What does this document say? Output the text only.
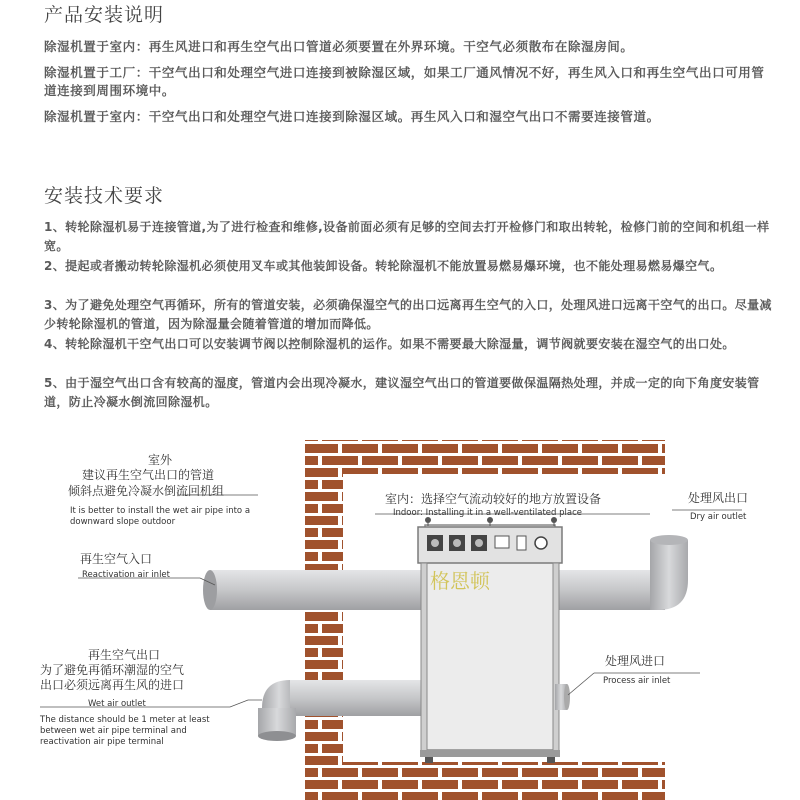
产品安装说明

除湿机置于室内：再生风进口和再生空气出口管道必须要置在外界环境。干空气必须散布在除湿房间。

除湿机置于工厂：干空气出口和处理空气进口连接到被除湿区域，如果工厂通风情况不好，再生风入口和再生空气出口可用管道连接到周围环境中。

除湿机置于室内：干空气出口和处理空气进口连接到除湿区域。再生风入口和湿空气出口不需要连接管道。

安装技术要求

1、转轮除湿机易于连接管道,为了进行检查和维修,设备前面必须有足够的空间去打开检修门和取出转轮，检修门前的空间和机组一样宽。

2、提起或者搬动转轮除湿机必须使用叉车或其他装卸设备。转轮除湿机不能放置易燃易爆环境，也不能处理易燃易爆空气。

3、为了避免处理空气再循环，所有的管道安装，必须确保湿空气的出口远离再生空气的入口，处理风进口远离干空气的出口。尽量减少转轮除湿机的管道，因为除湿量会随着管道的增加而降低。

4、转轮除湿机干空气出口可以安装调节阀以控制除湿机的运作。如果不需要最大除湿量，调节阀就要安装在湿空气的出口处。

5、由于湿空气出口含有较高的湿度，管道内会出现冷凝水，建议湿空气出口的管道要做保温隔热处理，并成一定的向下角度安装管道，防止冷凝水倒流回除湿机。

室外
建议再生空气出口的管道
倾斜点避免冷凝水倒流回机组
It is better to install the wet air pipe into a
downward slope outdoor
室内：选择空气流动较好的地方放置设备
Indoor: Installing it in a well-ventilated place
处理风出口
Dry air outlet
再生空气入口
Reactivation air inlet
再生空气出口
为了避免再循环潮湿的空气
出口必须远离再生风的进口
Wet air outlet
The distance should be 1 meter at least
between wet air pipe terminal and
reactivation air pipe terminal
处理风进口
Process air inlet
格恩顿
